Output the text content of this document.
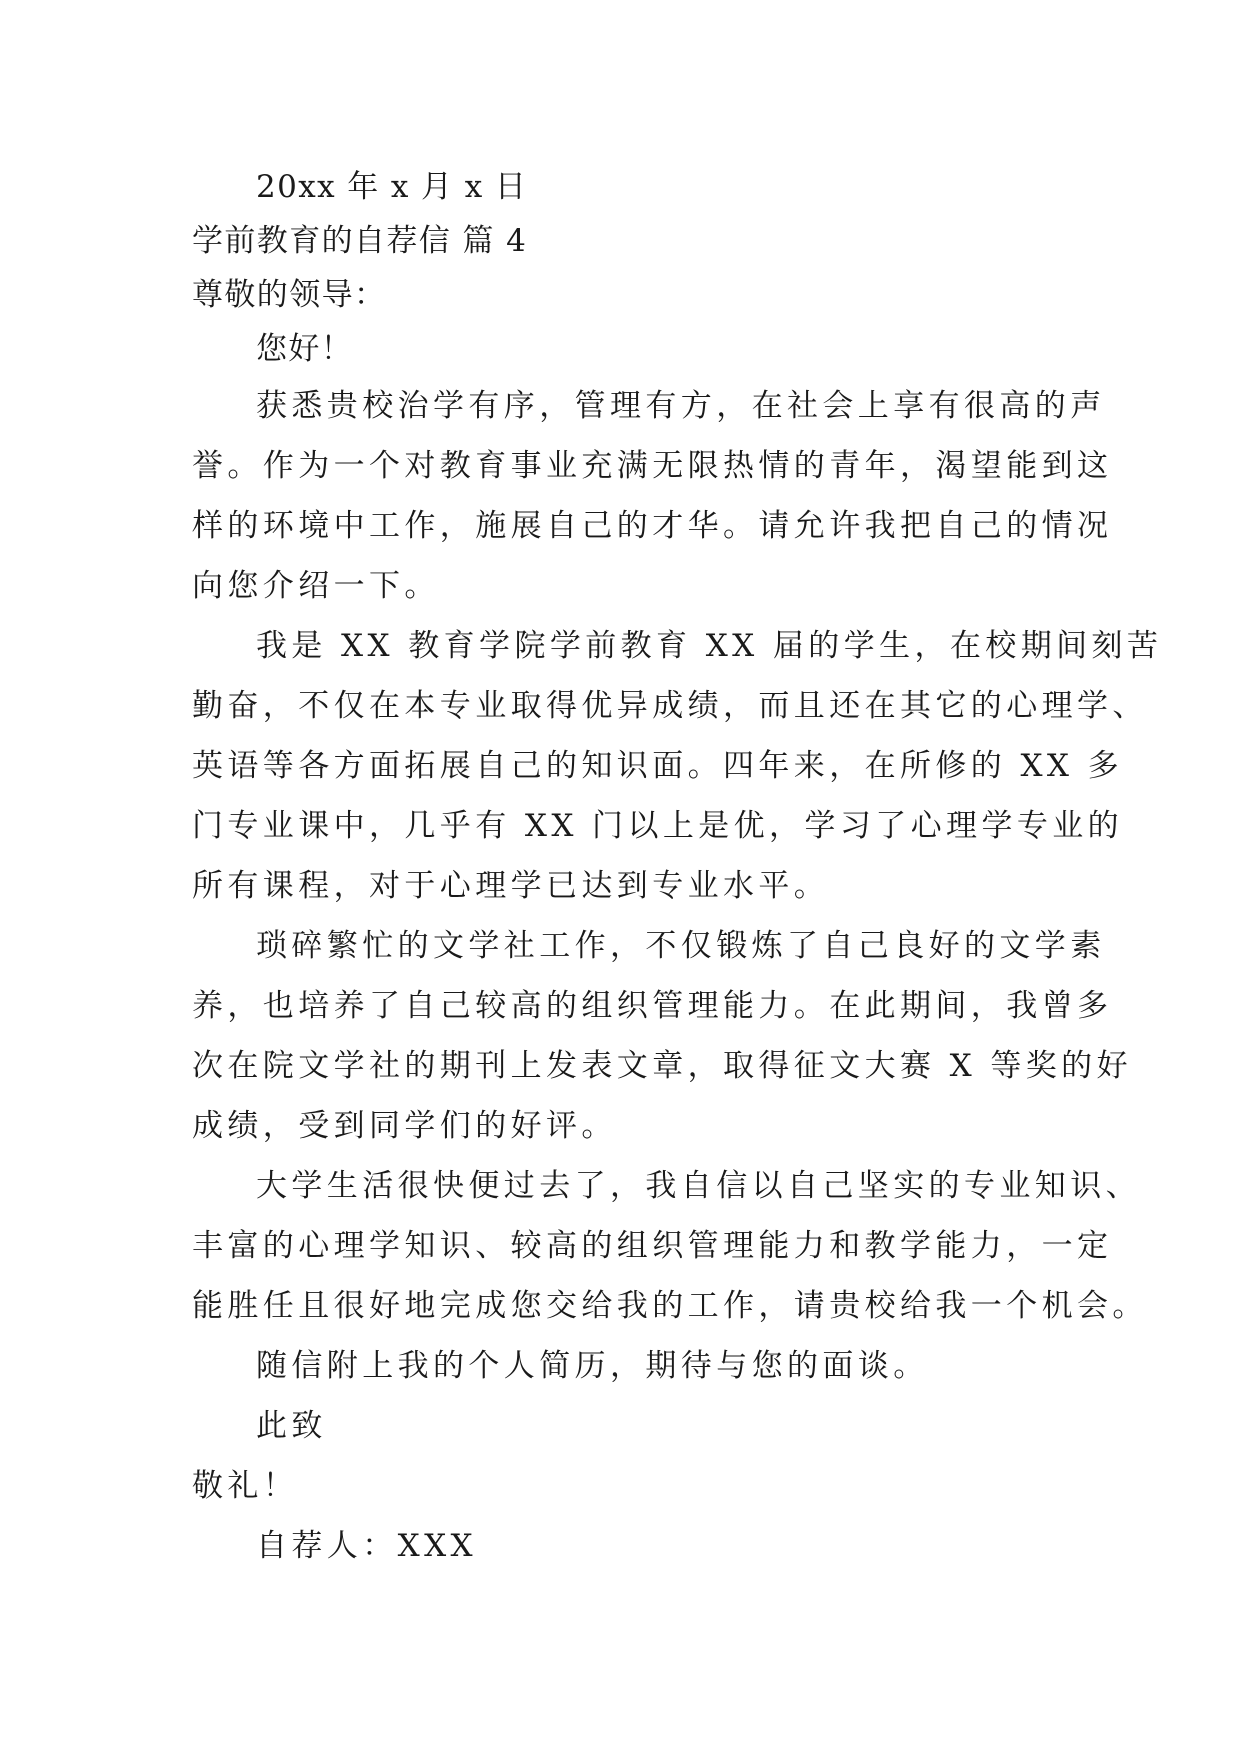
20xx 年 x 月 x 日
学前教育的自荐信 篇 4
尊敬的领导：
您好！
获悉贵校治学有序，管理有方，在社会上享有很高的声
誉。作为一个对教育事业充满无限热情的青年，渴望能到这
样的环境中工作，施展自己的才华。请允许我把自己的情况
向您介绍一下。
我是 XX 教育学院学前教育 XX 届的学生，在校期间刻苦
勤奋，不仅在本专业取得优异成绩，而且还在其它的心理学、
英语等各方面拓展自己的知识面。四年来，在所修的 XX 多
门专业课中，几乎有 XX 门以上是优，学习了心理学专业的
所有课程，对于心理学已达到专业水平。
琐碎繁忙的文学社工作，不仅锻炼了自己良好的文学素
养，也培养了自己较高的组织管理能力。在此期间，我曾多
次在院文学社的期刊上发表文章，取得征文大赛 X 等奖的好
成绩，受到同学们的好评。
大学生活很快便过去了，我自信以自己坚实的专业知识、
丰富的心理学知识、较高的组织管理能力和教学能力，一定
能胜任且很好地完成您交给我的工作，请贵校给我一个机会。
随信附上我的个人简历，期待与您的面谈。
此致
敬礼！
自荐人：XXX
